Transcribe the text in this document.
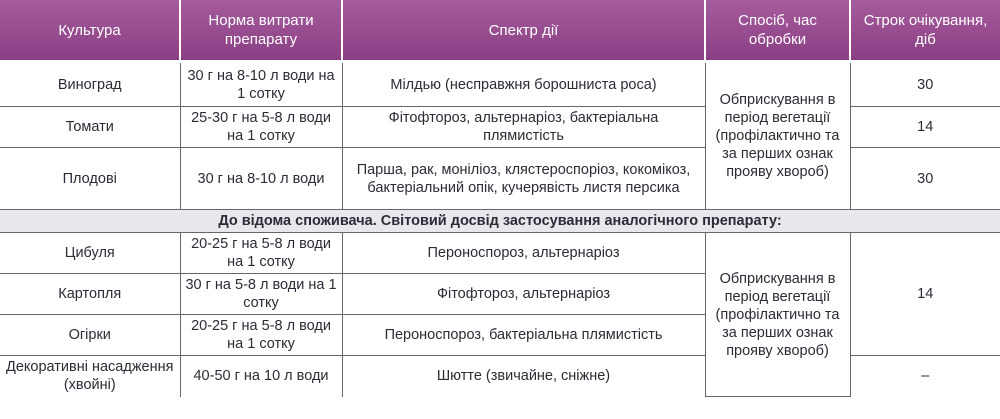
Культура	Норма витрати препарату	Спектр дії	Спосіб, час обробки	Строк очікування, діб
Виноград	30 г на 8-10 л води на 1 сотку	Мілдью (несправжня борошниста роса)	Обприскування в період вегетації (профілактично та за перших ознак прояву хвороб)	30
Томати	25-30 г на 5-8 л води на 1 сотку	Фітофтороз, альтернаріоз, бактеріальна плямистість		14
Плодові	30 г на 8-10 л води	Парша, рак, моніліоз, клястероспоріоз, кокомікоз, бактеріальний опік, кучерявість листя персика		30
До відома споживача. Світовий досвід застосування аналогічного препарату:				
Цибуля	20-25 г на 5-8 л води на 1 сотку	Пероноспороз, альтернаріоз	Обприскування в період вегетації (профілактично та за перших ознак прояву хвороб)	14
Картопля	30 г на 5-8 л води на 1 сотку	Фітофтороз, альтернаріоз		
Огірки	20-25 г на 5-8 л води на 1 сотку	Пероноспороз, бактеріальна плямистість		
Декоративні насадження (хвойні)	40-50 г на 10 л води	Шютте (звичайне, сніжне)		–
